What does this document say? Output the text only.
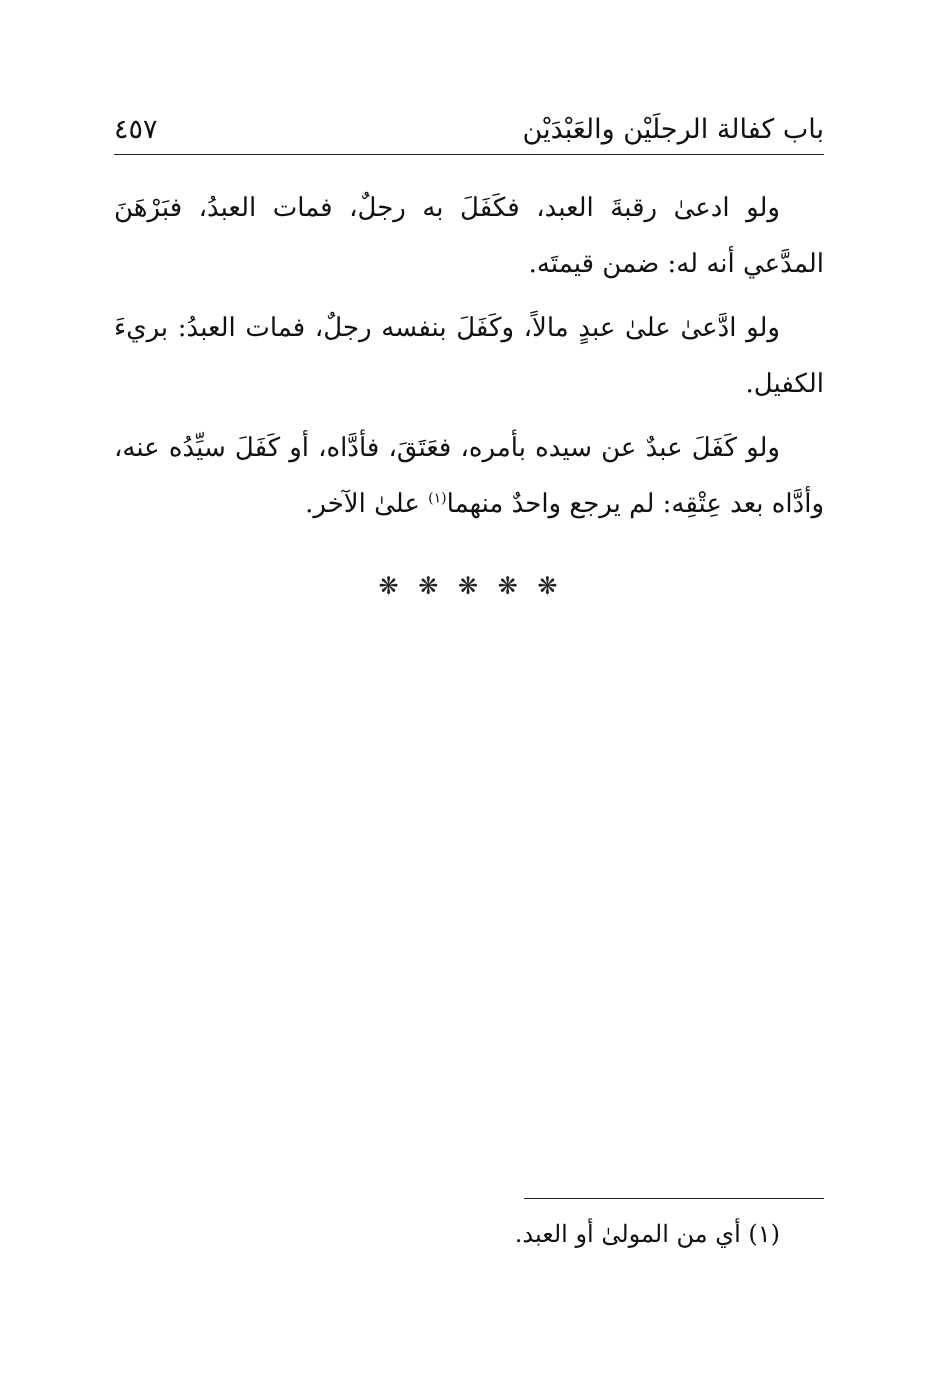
باب كفالة الرجلَيْن والعَبْدَيْن
٤٥٧

ولو ادعىٰ رقبةَ العبد، فكَفَلَ به رجلٌ، فمات العبدُ، فبَرْهَنَ المدَّعي أنه له: ضمن قيمتَه.

ولو ادَّعىٰ علىٰ عبدٍ مالاً، وكَفَلَ بنفسه رجلٌ، فمات العبدُ: بريءَ الكفيل.

ولو كَفَلَ عبدٌ عن سيده بأمره، فعَتَقَ، فأدَّاه، أو كَفَلَ سيِّدُه عنه، وأدَّاه بعد عِتْقِه: لم يرجع واحدٌ منهما$^{(١)}$ علىٰ الآخر.

❋ ❋ ❋ ❋ ❋
(١) أي من المولىٰ أو العبد.
